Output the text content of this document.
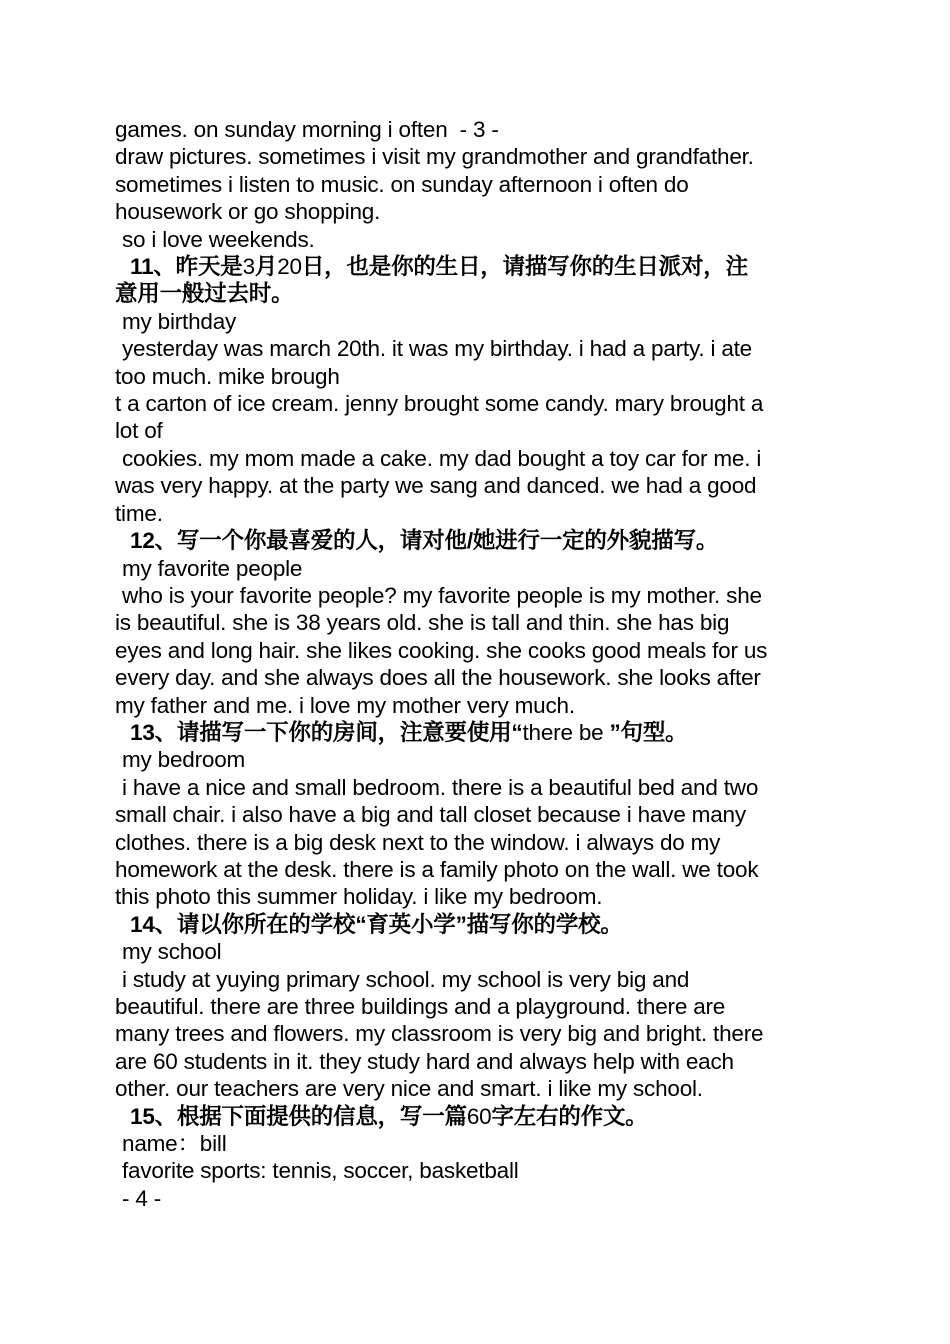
games. on sunday morning i often  - 3 -
draw pictures. sometimes i visit my grandmother and grandfather.
sometimes i listen to music. on sunday afternoon i often do
housework or go shopping.
so i love weekends.
11、昨天是3月20日，也是你的生日，请描写你的生日派对，注
意用一般过去时。
my birthday
yesterday was march 20th. it was my birthday. i had a party. i ate
too much. mike brough
t a carton of ice cream. jenny brought some candy. mary brought a
lot of
cookies. my mom made a cake. my dad bought a toy car for me. i
was very happy. at the party we sang and danced. we had a good
time.
12、写一个你最喜爱的人，请对他/她进行一定的外貌描写。
my favorite people
who is your favorite people? my favorite people is my mother. she
is beautiful. she is 38 years old. she is tall and thin. she has big
eyes and long hair. she likes cooking. she cooks good meals for us
every day. and she always does all the housework. she looks after
my father and me. i love my mother very much.
13、请描写一下你的房间，注意要使用“there be ”句型。
my bedroom
i have a nice and small bedroom. there is a beautiful bed and two
small chair. i also have a big and tall closet because i have many
clothes. there is a big desk next to the window. i always do my
homework at the desk. there is a family photo on the wall. we took
this photo this summer holiday. i like my bedroom.
14、请以你所在的学校“育英小学”描写你的学校。
my school
i study at yuying primary school. my school is very big and
beautiful. there are three buildings and a playground. there are
many trees and flowers. my classroom is very big and bright. there
are 60 students in it. they study hard and always help with each
other. our teachers are very nice and smart. i like my school.
15、根据下面提供的信息，写一篇60字左右的作文。
name：bill
favorite sports: tennis, soccer, basketball
- 4 -
